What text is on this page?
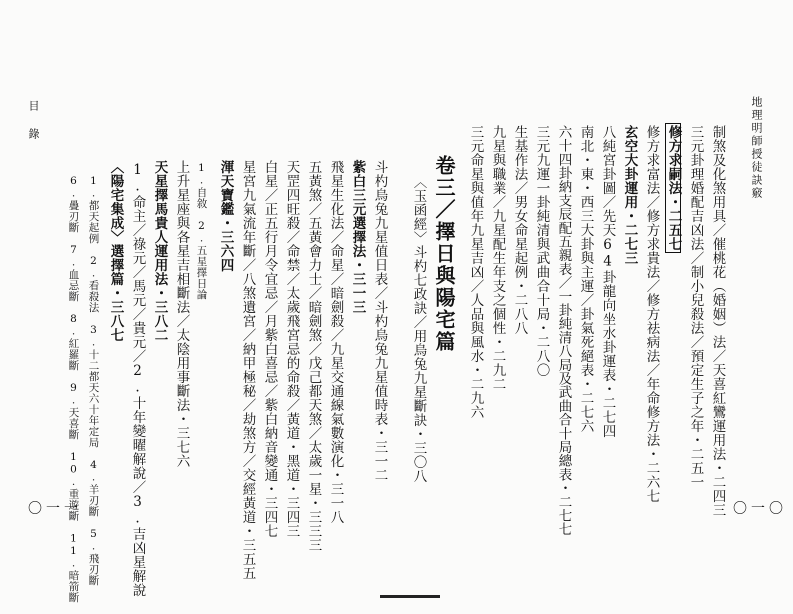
地理明師授徒訣竅
制煞及化煞用具／催桃花（婚姻）法／天喜紅鸞運用法・二四三
三元卦理婚配吉凶法／制小兒殺法／預定生子之年・二五一
修方求嗣法・二五七
修方求富法／修方求貴法／修方祛病法／年命修方法・二六七
玄空大卦運用・二七三
八純宮卦圖／先天64卦龍向坐水卦運表・二七四
南北・東・西三大卦與主運／卦氣死絕表・二七六
六十四卦納支辰配五親表／一卦純清八局及武曲合十局總表・二七七
三元九運一卦純清與武曲合十局・二八〇
生基作法／男女命星起例・二八八
九星與職業／九星配生年支之個性・二九二
三元命星與值年九星吉凶／人品與風水・二九六
卷三／擇日與陽宅篇
〈玉函經〉斗杓七政訣／用烏兔九星斷訣・三〇八
〇一〇
斗杓烏兔九星值日表／斗杓烏兔九星值時表・三一二
紫白三元選擇法・三一三
飛星生化法／命星／暗劍殺／九星交通線氣數演化・三一八
五黃煞／五黃會力士／暗劍煞／戊己都天煞／太歲一星・三三三
天罡四旺殺／命禁／太歲飛宮忌的命殺／黃道・黑道・三四三
白星／正五行月令宜忌／月紫白喜忌／紫白納音變通・三四七
星宮九氣流年斷／八煞遺宮／納甲極秘／劫煞方／交經黃道・三五五
渾天寶鑑・三六四
1.自敘　2.五星擇日論
上升星座與各星吉相斷法／太陰用事斷法・三七六
天星擇馬貴人運用法・三八二
1.命主／祿元／馬元／貴元／2.十年變曜解說／3.吉凶星解說
〈陽宅集成〉選擇篇・三八七
1.都天起例　2.看殺法　3.十二都天六十年定局　4.羊刃斷　5.飛刃斷
6.疊刃斷　7.血忌斷　8.紅羅斷　9.天喜斷　10.重遊斷　11.暗箭斷
目 錄
〇一一
